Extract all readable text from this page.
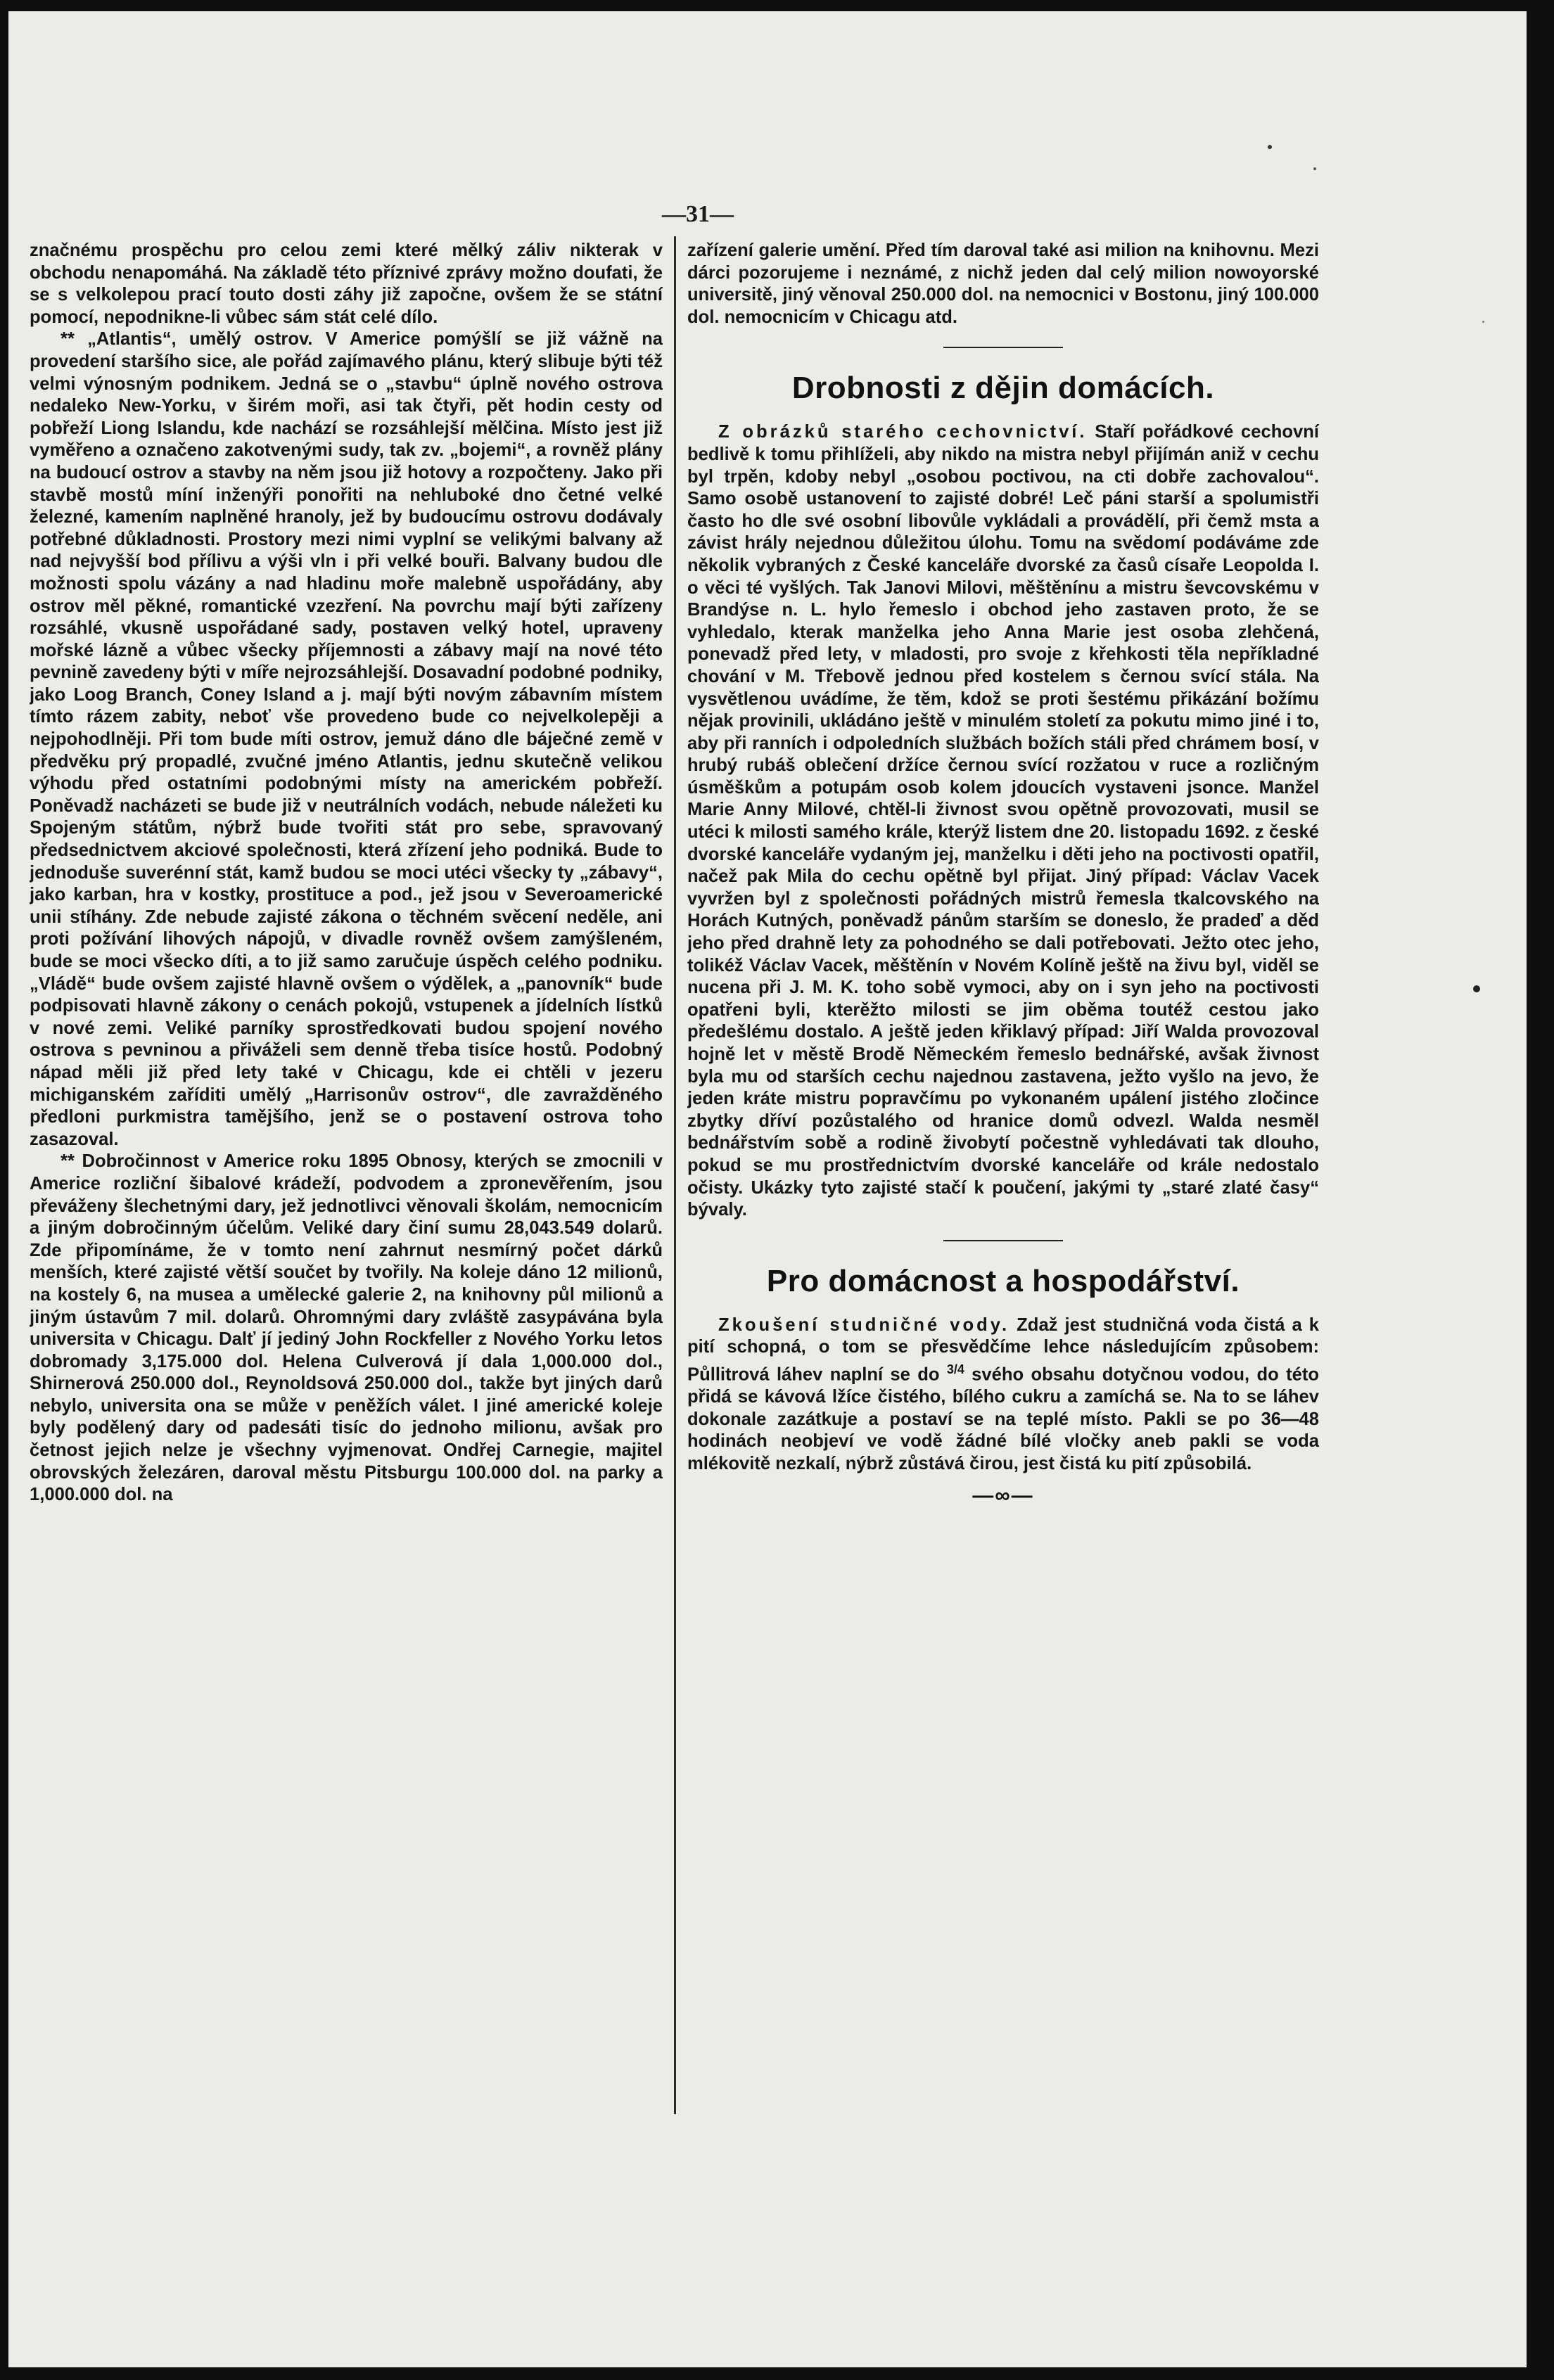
—31—

značnému prospěchu pro celou zemi které mělký záliv nikterak v obchodu nenapomáhá. Na základě této příznivé zprávy možno doufati, že se s velkolepou prací touto dosti záhy již započne, ovšem že se státní pomocí, nepodnikne-li vůbec sám stát celé dílo.

** „Atlantis“, umělý ostrov. V Americe pomýšlí se již vážně na provedení staršího sice, ale pořád zajímavého plánu, který slibuje býti též velmi výnosným podnikem. Jedná se o „stavbu“ úplně nového ostrova nedaleko New-Yorku, v širém moři, asi tak čtyři, pět hodin cesty od pobřeží Liong Islandu, kde nachází se rozsáhlejší mělčina. Místo jest již vyměřeno a označeno zakotvenými sudy, tak zv. „bojemi“, a rovněž plány na budoucí ostrov a stavby na něm jsou již hotovy a rozpočteny. Jako při stavbě mostů míní inženýři ponořiti na nehluboké dno četné velké železné, kamením naplněné hranoly, jež by budoucímu ostrovu dodávaly potřebné důkladnosti. Prostory mezi nimi vyplní se velikými balvany až nad nejvyšší bod přílivu a výši vln i při velké bouři. Balvany budou dle možnosti spolu vázány a nad hladinu moře malebně uspořádány, aby ostrov měl pěkné, romantické vzezření. Na povrchu mají býti zařízeny rozsáhlé, vkusně uspořádané sady, postaven velký hotel, upraveny mořské lázně a vůbec všecky příjemnosti a zábavy mají na nové této pevnině zavedeny býti v míře nejrozsáhlejší. Dosavadní podobné podniky, jako Loog Branch, Coney Island a j. mají býti novým zábavním místem tímto rázem zabity, neboť vše provedeno bude co nejvelkolepěji a nejpohodlněji. Při tom bude míti ostrov, jemuž dáno dle báječné země v předvěku prý propadlé, zvučné jméno Atlantis, jednu skutečně velikou výhodu před ostatními podobnými místy na americkém pobřeží. Poněvadž nacházeti se bude již v neutrálních vodách, nebude náležeti ku Spojeným státům, nýbrž bude tvořiti stát pro sebe, spravovaný předsednictvem akciové společnosti, která zřízení jeho podniká. Bude to jednoduše suverénní stát, kamž budou se moci utéci všecky ty „zábavy“, jako karban, hra v kostky, prostituce a pod., jež jsou v Severoamerické unii stíhány. Zde nebude zajisté zákona o těchném svěcení neděle, ani proti požívání lihových nápojů, v divadle rovněž ovšem zamýšleném, bude se moci všecko díti, a to již samo zaručuje úspěch celého podniku. „Vládě“ bude ovšem zajisté hlavně ovšem o výdělek, a „panovník“ bude podpisovati hlavně zákony o cenách pokojů, vstupenek a jídelních lístků v nové zemi. Veliké parníky sprostředkovati budou spojení nového ostrova s pevninou a přiváželi sem denně třeba tisíce hostů. Podobný nápad měli již před lety také v Chicagu, kde ei chtěli v jezeru michiganském zaříditi umělý „Harrisonův ostrov“, dle zavražděného předloni purkmistra tamějšího, jenž se o postavení ostrova toho zasazoval.

** Dobročinnost v Americe roku 1895 Obnosy, kterých se zmocnili v Americe rozliční šibalové krádeží, podvodem a zpronevěřením, jsou převáženy šlechetnými dary, jež jednotlivci věnovali školám, nemocnicím a jiným dobročinným účelům. Veliké dary činí sumu 28,043.549 dolarů. Zde připomínáme, že v tomto není zahrnut nesmírný počet dárků menších, které zajisté větší součet by tvořily. Na koleje dáno 12 milionů, na kostely 6, na musea a umělecké galerie 2, na knihovny půl milionů a jiným ústavům 7 mil. dolarů. Ohromnými dary zvláště zasypávána byla universita v Chicagu. Dalť jí jediný John Rockfeller z Nového Yorku letos dobromady 3,175.000 dol. Helena Culverová jí dala 1,000.000 dol., Shirnerová 250.000 dol., Reynoldsová 250.000 dol., takže byt jiných darů nebylo, universita ona se může v peněžích válet. I jiné americké koleje byly podělený dary od padesáti tisíc do jednoho milionu, avšak pro četnost jejich nelze je všechny vyjmenovat. Ondřej Carnegie, majitel obrovských železáren, daroval městu Pitsburgu 100.000 dol. na parky a 1,000.000 dol. na

zařízení galerie umění. Před tím daroval také asi milion na knihovnu. Mezi dárci pozorujeme i neznámé, z nichž jeden dal celý milion nowoyorské universitě, jiný věnoval 250.000 dol. na nemocnici v Bostonu, jiný 100.000 dol. nemocnicím v Chicagu atd.

Drobnosti z dějin domácích.

Z obrázků starého cechovnictví. Staří pořádkové cechovní bedlivě k tomu přihlíželi, aby nikdo na mistra nebyl přijímán aniž v cechu byl trpěn, kdoby nebyl „osobou poctivou, na cti dobře zachovalou“. Samo osobě ustanovení to zajisté dobré! Leč páni starší a spolumistři často ho dle své osobní libovůle vykládali a provádělí, při čemž msta a závist hrály nejednou důležitou úlohu. Tomu na svědomí podáváme zde několik vybraných z České kanceláře dvorské za časů císaře Leopolda I. o věci té vyšlých. Tak Janovi Milovi, měštěnínu a mistru ševcovskému v Brandýse n. L. hylo řemeslo i obchod jeho zastaven proto, že se vyhledalo, kterak manželka jeho Anna Marie jest osoba zlehčená, ponevadž před lety, v mladosti, pro svoje z křehkosti těla nepříkladné chování v M. Třebově jednou před kostelem s černou svící stála. Na vysvětlenou uvádíme, že těm, kdož se proti šestému přikázání božímu nějak provinili, ukládáno ještě v minulém století za pokutu mimo jiné i to, aby při ranních i odpoledních službách božích stáli před chrámem bosí, v hrubý rubáš oblečení držíce černou svící rozžatou v ruce a rozličným úsměškům a potupám osob kolem jdoucích vystaveni jsonce. Manžel Marie Anny Milové, chtěl-li živnost svou opětně provozovati, musil se utéci k milosti samého krále, kterýž listem dne 20. listopadu 1692. z české dvorské kanceláře vydaným jej, manželku i děti jeho na poctivosti opatřil, načež pak Mila do cechu opětně byl přijat. Jiný případ: Václav Vacek vyvržen byl z společnosti pořádných mistrů řemesla tkalcovského na Horách Kutných, poněvadž pánům starším se doneslo, že pradeď a děd jeho před drahně lety za pohodného se dali potřebovati. Ježto otec jeho, tolikéž Václav Vacek, měštěnín v Novém Kolíně ještě na živu byl, viděl se nucena při J. M. K. toho sobě vymoci, aby on i syn jeho na poctivosti opatřeni byli, kterěžto milosti se jim oběma toutéž cestou jako předešlému dostalo. A ještě jeden křiklavý případ: Jiří Walda provozoval hojně let v městě Brodě Německém řemeslo bednářské, avšak živnost byla mu od starších cechu najednou zastavena, ježto vyšlo na jevo, že jeden kráte mistru popravčímu po vykonaném upálení jistého zločince zbytky dříví pozůstalého od hranice domů odvezl. Walda nesměl bednářstvím sobě a rodině živobytí počestně vyhledávati tak dlouho, pokud se mu prostřednictvím dvorské kanceláře od krále nedostalo očisty. Ukázky tyto zajisté stačí k poučení, jakými ty „staré zlaté časy“ bývaly.

Pro domácnost a hospodářství.

Zkoušení studničné vody. Zdaž jest studničná voda čistá a k pití schopná, o tom se přesvědčíme lehce následujícím způsobem: Půllitrová láhev naplní se do $^{3/4}$ svého obsahu dotyčnou vodou, do této přidá se kávová lžíce čistého, bílého cukru a zamíchá se. Na to se láhev dokonale zazátkuje a postaví se na teplé místo. Pakli se po 36—48 hodinách neobjeví ve vodě žádné bílé vločky aneb pakli se voda mlékovitě nezkalí, nýbrž zůstává čirou, jest čistá ku pití způsobilá.

—∞—
